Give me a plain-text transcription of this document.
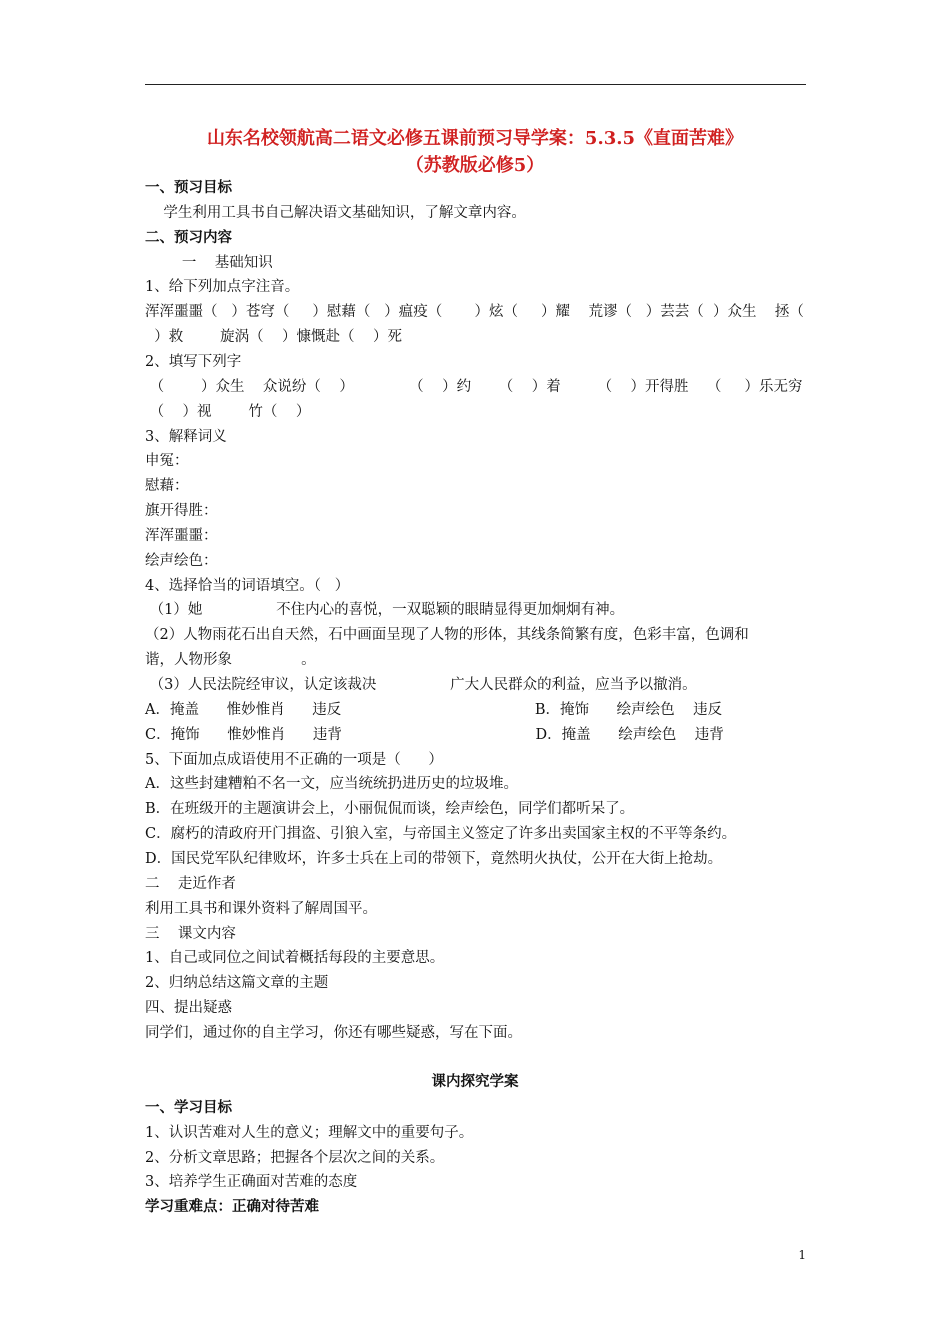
山东名校领航高二语文必修五课前预习导学案：5.3.5《直面苦难》
（苏教版必修5）
一、预习目标
学生利用工具书自己解决语文基础知识，了解文章内容。
二、预习内容
一    基础知识
1、给下列加点字注音。
浑浑噩噩（   ）苍穹（     ）慰藉（   ）瘟疫（       ）炫（     ）耀    荒谬（   ）芸芸（  ）众生    拯（
）救        旋涡（    ）慷慨赴（    ）死
2、填写下列字
（        ）众生    众说纷（    ）            （    ）约      （    ）着        （    ）开得胜    （     ）乐无穷
（    ）视        竹（    ）
3、解释词义
申冤：
慰藉：
旗开得胜：
浑浑噩噩：
绘声绘色：
4、选择恰当的词语填空。（   ）
（1）她                不住内心的喜悦，一双聪颖的眼睛显得更加炯炯有神。
（2）人物雨花石出自天然，石中画面呈现了人物的形体，其线条简繁有度，色彩丰富，色调和
谐，人物形象               。
（3）人民法院经审议，认定该裁决                广大人民群众的利益，应当予以撤消。
A．掩盖      惟妙惟肖      违反                                          B．掩饰      绘声绘色    违反
C．掩饰      惟妙惟肖      违背                                          D．掩盖      绘声绘色    违背
5、下面加点成语使用不正确的一项是（      ）
A．这些封建糟粕不名一文，应当统统扔进历史的垃圾堆。
B．在班级开的主题演讲会上，小丽侃侃而谈，绘声绘色，同学们都听呆了。
C．腐朽的清政府开门揖盗、引狼入室，与帝国主义签定了许多出卖国家主权的不平等条约。
D．国民党军队纪律败坏，许多士兵在上司的带领下，竟然明火执仗，公开在大街上抢劫。
二    走近作者
利用工具书和课外资料了解周国平。
三    课文内容
1、自己或同位之间试着概括每段的主要意思。
2、归纳总结这篇文章的主题
四、提出疑惑
同学们，通过你的自主学习，你还有哪些疑惑，写在下面。
课内探究学案
一、学习目标
1、认识苦难对人生的意义；理解文中的重要句子。
2、分析文章思路；把握各个层次之间的关系。
3、培养学生正确面对苦难的态度
学习重难点：正确对待苦难
1
